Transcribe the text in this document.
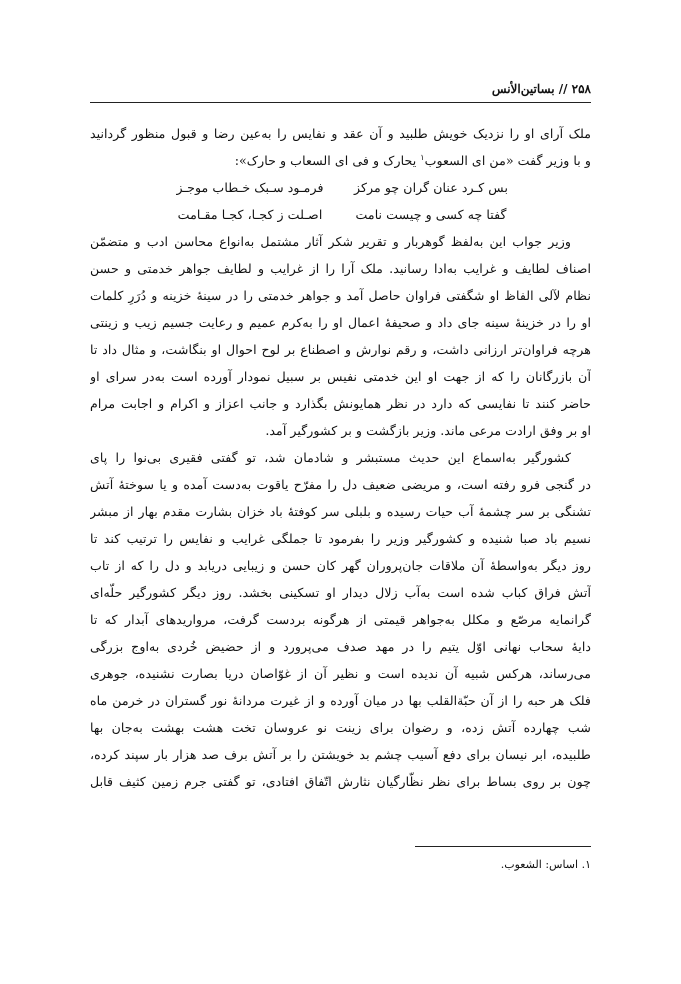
۲۵۸ // بساتین‌الأنس
ملک آرای او را نزدیک خویش طلبید و آن عقد و نفایس را به‌عین رضا و قبول منظور گردانید
و با وزیر گفت «من ای السعوب$^۱$ یحارک و فی ای السعاب و حارک»:
بس کـرد عنان گران چو مرکزفرمـود سـبک خـطاب موجـز
گفتا چه کسی و چیست نامتاصـلت ز کجـا، کجـا مقـامت
وزیر جواب این به‌لفظ گوهربار و تقریر شکر آثار مشتمل به‌انواع محاسن ادب و متضمّن
اصناف لطایف و غرایب به‌ادا رسانید. ملک آرا را از غرایب و لطایف جواهر خدمتی و حسن
نظام لآلی الفاظ او شگفتی فراوان حاصل آمد و جواهر خدمتی را در سینهٔ خزینه و دُرَرِ کلمات
او را در خزینهٔ سینه جای داد و صحیفهٔ اعمال او را به‌کرم عمیم و رعایت جسیم زیب و زینتی
هرچه فراوان‌تر ارزانی داشت، و رقم نوارش و اصطناع بر لوح احوال او بنگاشت، و مثال داد تا
آن بازرگانان را که از جهت او این خدمتی نفیس بر سبیل نمودار آورده است به‌در سرای او
حاضر کنند تا نفایسی که دارد در نظر همایونش بگذارد و جانب اعزاز و اکرام و اجابت مرام
او بر وفق ارادت مرعی ماند. وزیر بازگشت و بر کشورگیر آمد.
کشورگیر به‌اسماع این حدیث مستبشر و شادمان شد، تو گفتی فقیری بی‌نوا را پای
در گنجی فرو رفته است، و مریضی ضعیف دل را مفرّح یاقوت به‌دست آمده و یا سوختهٔ آتش
تشنگی بر سر چشمهٔ آب حیات رسیده و بلبلی سر کوفتهٔ باد خزان بشارت مقدم بهار از مبشر
نسیم باد صبا شنیده و کشورگیر وزیر را بفرمود تا جملگی غرایب و نفایس را ترتیب کند تا
روز دیگر به‌واسطهٔ آن ملاقات جان‌پروران گهر کان حسن و زیبایی دریابد و دل را که از تاب
آتش فراق کباب شده است به‌آب زلال دیدار او تسکینی بخشد. روز دیگر کشورگیر حلّه‌ای
گرانمایه مرصّع و مکلل به‌جواهر قیمتی از هرگونه بردست گرفت، مرواریدهای آبدار که تا
دایهٔ سحاب نهانی اوّل یتیم را در مهد صدف می‌پرورد و از حضیض خُردی به‌اوج بزرگی
می‌رساند، هرکس شبیه آن ندیده است و نظیر آن از غوّاصان دریا بصارت نشنیده، جوهری
فلک هر حبه را از آن حبّةالقلب بها در میان آورده و از غیرت مردانهٔ نور گستران در خرمن ماه
شب چهارده آتش زده، و رضوان برای زینت نو عروسان تخت هشت بهشت به‌جان بها
طلبیده، ابر نیسان برای دفع آسیب چشم بد خویشتن را بر آتش برف صد هزار بار سپند کرده،
چون بر روی بساط برای نظر نظّارگیان نثارش اتّفاق افتادی، تو گفتی جرم زمین کثیف قابل
۱. اساس: الشعوب.
